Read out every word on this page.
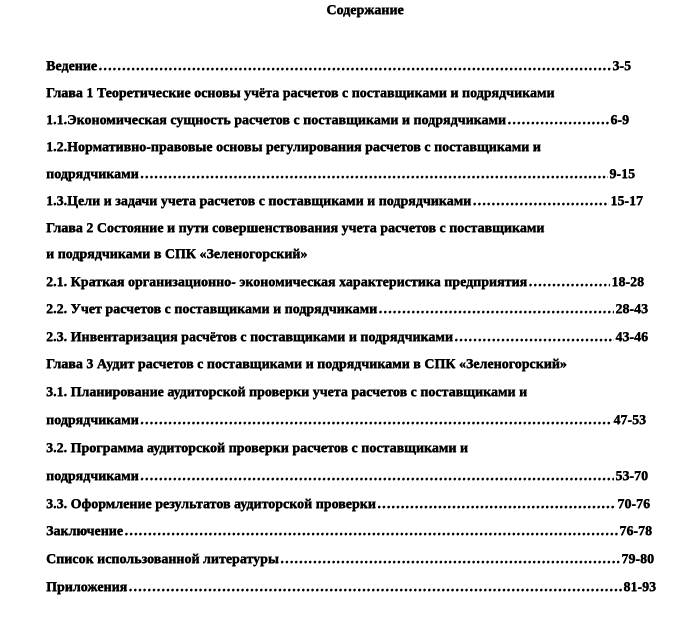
Содержание
Ведение ……………………………………………………………………………………………………………………………………………………………………………………………………………………	3-5
Глава 1 Теоретические основы учёта расчетов с поставщиками и подрядчиками
1.1.Экономическая сущность расчетов с поставщиками и подрядчиками ……………………………………………………………………………………………………………………………………………………………………………………………………………………	6-9
1.2.Нормативно-правовые основы регулирования расчетов с поставщиками и
подрядчиками ……………………………………………………………………………………………………………………………………………………………………………………………………………………	9-15
1.3.Цели и задачи учета расчетов с поставщиками и подрядчиками ……………………………………………………………………………………………………………………………………………………………………………………………………………………	15-17
Глава 2 Состояние и пути совершенствования учета расчетов с поставщиками
и подрядчиками в СПК «Зеленогорский»
2.1. Краткая организационно- экономическая характеристика предприятия ……………………………………………………………………………………………………………………………………………………………………………………………………………………	18-28
2.2. Учет расчетов с поставщиками и подрядчиками ……………………………………………………………………………………………………………………………………………………………………………………………………………………	28-43
2.3. Инвентаризация расчётов с поставщиками и подрядчиками ……………………………………………………………………………………………………………………………………………………………………………………………………………………	43-46
Глава 3 Аудит расчетов с поставщиками и подрядчиками в СПК «Зеленогорский»
3.1. Планирование аудиторской проверки учета расчетов с поставщиками и
подрядчиками ……………………………………………………………………………………………………………………………………………………………………………………………………………………	47-53
3.2. Программа аудиторской проверки расчетов с поставщиками и
подрядчиками ……………………………………………………………………………………………………………………………………………………………………………………………………………………	53-70
3.3. Оформление результатов аудиторской проверки ……………………………………………………………………………………………………………………………………………………………………………………………………………………	70-76
Заключение ……………………………………………………………………………………………………………………………………………………………………………………………………………………	76-78
Список использованной литературы ……………………………………………………………………………………………………………………………………………………………………………………………………………………	79-80
Приложения ……………………………………………………………………………………………………………………………………………………………………………………………………………………	81-93
